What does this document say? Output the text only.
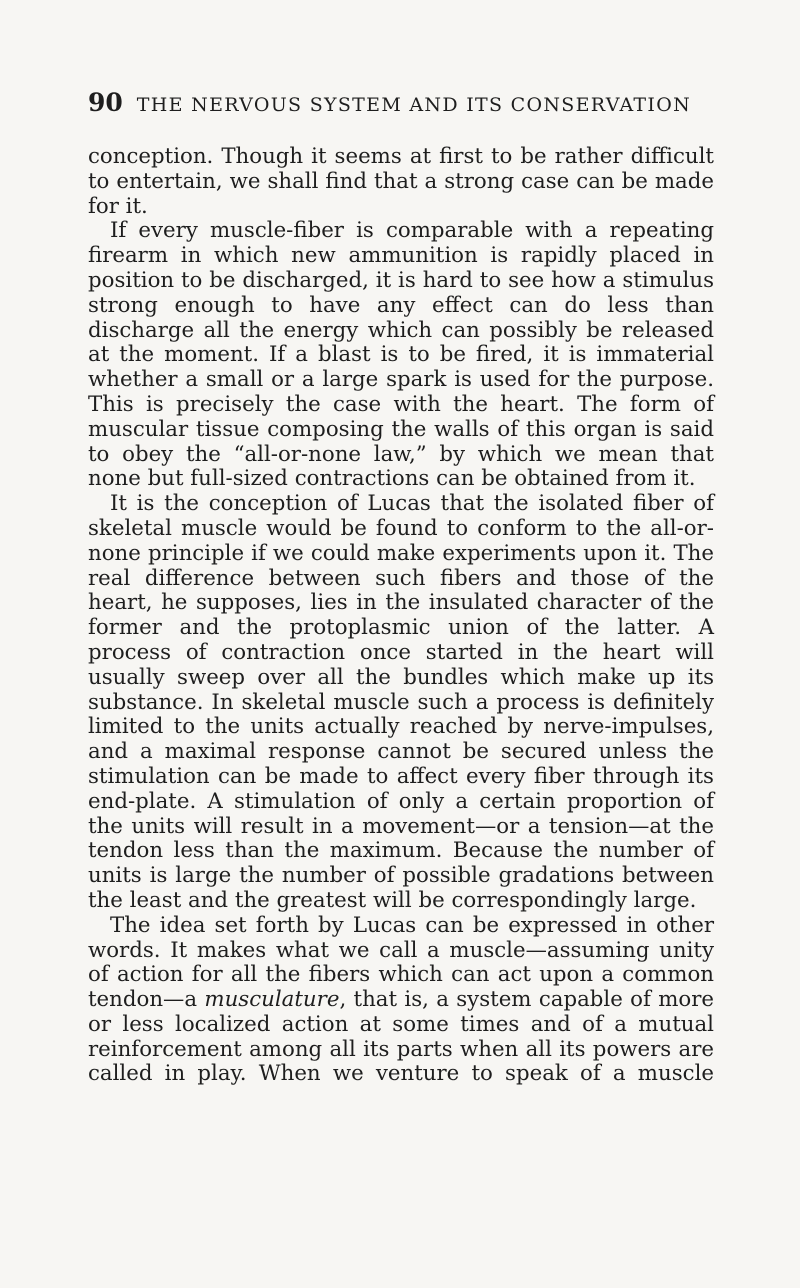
90 THE NERVOUS SYSTEM AND ITS CONSERVATION

conception. Though it seems at first to be rather difficult to entertain, we shall find that a strong case can be made for it.

If every muscle-fiber is comparable with a repeating firearm in which new ammunition is rapidly placed in position to be discharged, it is hard to see how a stimulus strong enough to have any effect can do less than discharge all the energy which can possibly be released at the moment. If a blast is to be fired, it is immaterial whether a small or a large spark is used for the purpose. This is precisely the case with the heart. The form of muscular tissue composing the walls of this organ is said to obey the “all-or-none law,” by which we mean that none but full-sized contractions can be obtained from it.

It is the conception of Lucas that the isolated fiber of skeletal muscle would be found to conform to the all-or-none principle if we could make experiments upon it. The real difference between such fibers and those of the heart, he supposes, lies in the insulated character of the former and the protoplasmic union of the latter. A process of contraction once started in the heart will usually sweep over all the bundles which make up its substance. In skeletal muscle such a process is definitely limited to the units actually reached by nerve-impulses, and a maximal response cannot be secured unless the stimulation can be made to affect every fiber through its end-plate. A stimulation of only a certain proportion of the units will result in a movement—or a tension—at the tendon less than the maximum. Because the number of units is large the number of possible gradations between the least and the greatest will be correspondingly large.

The idea set forth by Lucas can be expressed in other words. It makes what we call a muscle—assuming unity of action for all the fibers which can act upon a common tendon—a musculature, that is, a system capable of more or less localized action at some times and of a mutual reinforcement among all its parts when all its powers are called in play. When we venture to speak of a muscle
